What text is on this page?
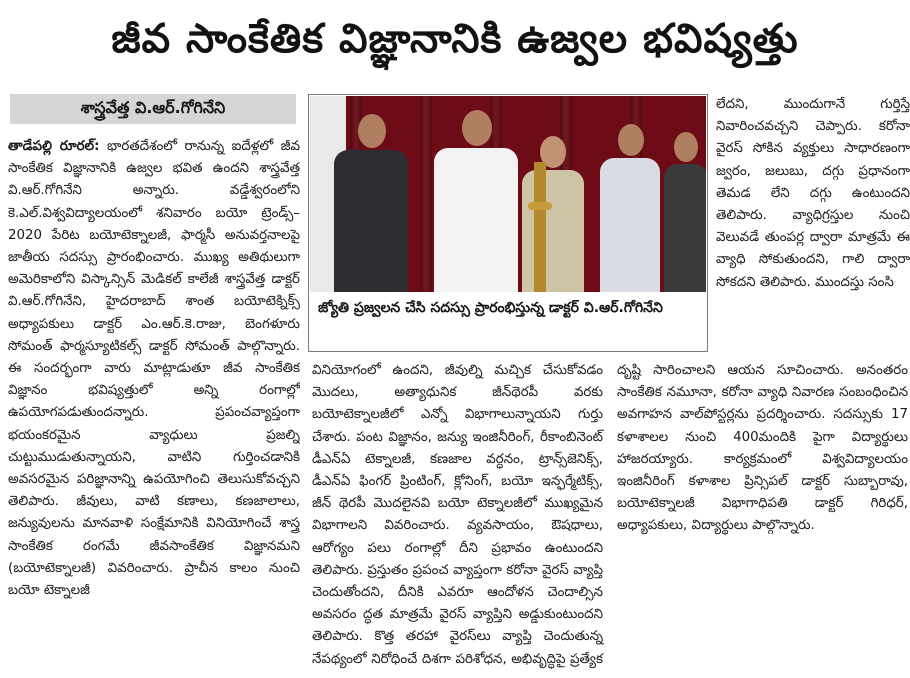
జీవ సాంకేతిక విజ్ఞానానికి ఉజ్వల భవిష్యత్తు
శాస్త్రవేత్త వి.ఆర్‌.గోగినేని

తాడేపల్లి రూరల్‌: భారతదేశంలో రానున్న ఐదేళ్లలో జీవ సాంకేతిక విజ్ఞానానికి ఉజ్వల భవిత ఉందని శాస్త్రవేత్త వి.ఆర్‌.గోగినేని అన్నారు. వడ్డేశ్వరంలోని కె.ఎల్‌.విశ్వవిద్యాలయంలో శనివారం బయో ట్రెండ్స్‌–2020 పేరిట బయోటెక్నాలజీ, ఫార్మసీ అనువర్తనాలపై జాతీయ సదస్సు ప్రారంభించారు. ముఖ్య అతిథులుగా అమెరికాలోని విస్కాన్సిన్‌ మెడికల్‌ కాలేజీ శాస్త్రవేత్త డాక్టర్‌ వి.ఆర్‌.గోగినేని, హైదరాబాద్‌ శాంత బయోటెక్నిక్స్‌ అధ్యాపకులు డాక్టర్‌ ఎం.ఆర్‌.కె.రాజు, బెంగళూరు సోమంత్‌ ఫార్మస్యూటికల్స్‌ డాక్టర్‌ సోమంత్‌ పాల్గొన్నారు. ఈ సందర్భంగా వారు మాట్లాడుతూ జీవ సాంకేతిక విజ్ఞానం భవిష్యత్తులో అన్ని రంగాల్లో ఉపయోగపడుతుందన్నారు. ప్రపంచవ్యాప్తంగా భయంకరమైన వ్యాధులు ప్రజల్ని చుట్టుముడుతున్నాయని, వాటిని గుర్తించడానికి అవసరమైన పరిజ్ఞానాన్ని ఉపయోగించి తెలుసుకోవచ్చని తెలిపారు. జీవులు, వాటి కణాలు, కణజాలాలు, జన్యువులను మానవాళి సంక్షేమానికి వినియోగించే శాస్త్ర సాంకేతిక రంగమే జీవసాంకేతిక విజ్ఞానమని (బయోటెక్నాలజీ) వివరించారు. ప్రాచీన కాలం నుంచి బయో టెక్నాలజీ

జ్యోతి ప్రజ్వలన చేసి సదస్సు ప్రారంభిస్తున్న డాక్టర్‌ వి.ఆర్‌.గోగినేని

లేదని, ముందుగానే గుర్తిస్తే నివారించవచ్చని చెప్పారు. కరోనా వైరస్‌ సోకిన వ్యక్తులు సాధారణంగా జ్వరం, జలుబు, దగ్గు ప్రధానంగా తెమడ లేని దగ్గు ఉంటుందని తెలిపారు. వ్యాధిగ్రస్తుల నుంచి వెలువడే తుంపర్ల ద్వారా మాత్రమే ఈ వ్యాధి సోకుతుందని, గాలి ద్వారా సోకదని తెలిపారు. ముందస్తు సంసి

వినియోగంలో ఉందని, జీవుల్ని మచ్చిక చేసుకోవడం మొదలు, అత్యాధునిక జీన్‌థెరపీ వరకు బయోటెక్నాలజీలో ఎన్నో విభాగాలున్నాయని గుర్తు చేశారు. పంట విజ్ఞానం, జన్యు ఇంజినీరింగ్‌, రీకాంబినెంట్‌ డీఎన్‌ఏ టెక్నాలజీ, కణజాల వర్ధనం, ట్రాన్స్‌జెనిక్స్‌, డీఎన్‌ఏ ఫింగర్‌ ప్రింటింగ్‌, క్లోనింగ్‌, బయో ఇన్ఫర్మేటిక్స్‌, జీన్‌ థెరపీ మొదలైనవి బయో టెక్నాలజీలో ముఖ్యమైన విభాగాలని వివరించారు. వ్యవసాయం, ఔషధాలు, ఆరోగ్యం పలు రంగాల్లో దీని ప్రభావం ఉంటుందని తెలిపారు. ప్రస్తుతం ప్రపంచ వ్యాప్తంగా కరోనా వైరస్‌ వ్యాప్తి చెందుతోందని, దీనికి ఎవరూ ఆందోళన చెందాల్సిన అవసరం ద్ధత మాత్రమే వైరస్‌ వ్యాప్తిని అడ్డుకుంటుందని తెలిపారు. కొత్త తరహా వైరస్‌లు వ్యాప్తి చెందుతున్న నేపథ్యంలో నిరోధించే దిశగా పరిశోధన, అభివృద్ధిపై ప్రత్యేక దృష్టి సారించాలని ఆయన సూచించారు. అనంతరం సాంకేతిక నమూనా, కరోనా వ్యాధి నివారణ సంబంధించిన అవగాహన వాల్‌పోస్టర్లను ప్రదర్శించారు. సదస్సుకు 17 కళాశాలల నుంచి 400మందికి పైగా విద్యార్థులు హాజరయ్యారు. కార్యక్రమంలో విశ్వవిద్యాలయం ఇంజినీరింగ్‌ కళాశాల ప్రిన్సిపల్‌ డాక్టర్‌ సుబ్బారావు, బయోటెక్నాలజీ విభాగాధిపతి డాక్టర్‌ గిరిధర్‌, అధ్యాపకులు, విద్యార్థులు పాల్గొన్నారు.
